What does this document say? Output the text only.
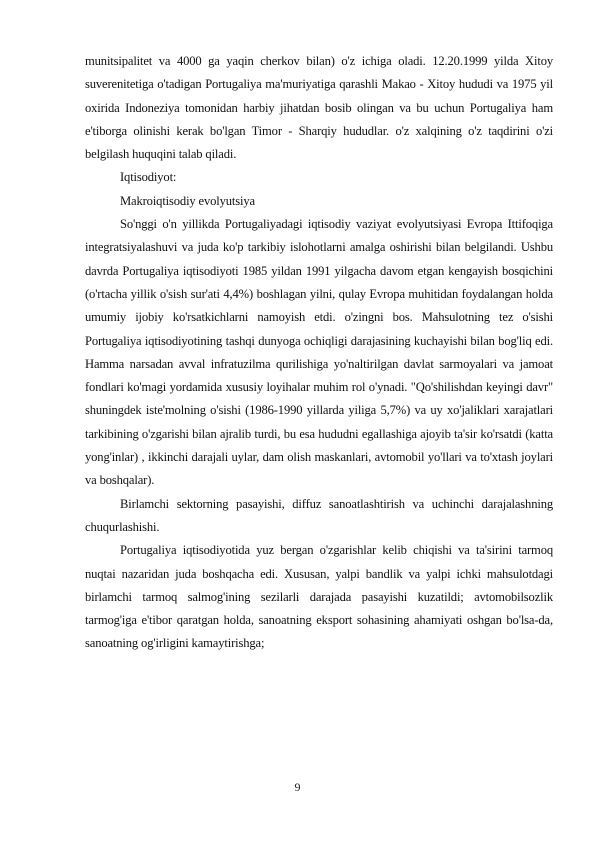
munitsipalitet va 4000 ga yaqin cherkov bilan) o'z ichiga oladi. 12.20.1999 yilda Xitoy suverenitetiga o'tadigan Portugaliya ma'muriyatiga qarashli Makao - Xitoy hududi va 1975 yil oxirida Indoneziya tomonidan harbiy jihatdan bosib olingan va bu uchun Portugaliya ham e'tiborga olinishi kerak bo'lgan Timor - Sharqiy hududlar. o'z xalqining o'z taqdirini o'zi belgilash huquqini talab qiladi.

Iqtisodiyot:

Makroiqtisodiy evolyutsiya

So'nggi o'n yillikda Portugaliyadagi iqtisodiy vaziyat evolyutsiyasi Evropa Ittifoqiga integratsiyalashuvi va juda ko'p tarkibiy islohotlarni amalga oshirishi bilan belgilandi. Ushbu davrda Portugaliya iqtisodiyoti 1985 yildan 1991 yilgacha davom etgan kengayish bosqichini (o'rtacha yillik o'sish sur'ati 4,4%) boshlagan yilni, qulay Evropa muhitidan foydalangan holda umumiy ijobiy ko'rsatkichlarni namoyish etdi. o'zingni bos. Mahsulotning tez o'sishi Portugaliya iqtisodiyotining tashqi dunyoga ochiqligi darajasining kuchayishi bilan bog'liq edi. Hamma narsadan avval infratuzilma qurilishiga yo'naltirilgan davlat sarmoyalari va jamoat fondlari ko'magi yordamida xususiy loyihalar muhim rol o'ynadi. "Qo'shilishdan keyingi davr" shuningdek iste'molning o'sishi (1986-1990 yillarda yiliga 5,7%) va uy xo'jaliklari xarajatlari tarkibining o'zgarishi bilan ajralib turdi, bu esa hududni egallashiga ajoyib ta'sir ko'rsatdi (katta yong'inlar) , ikkinchi darajali uylar, dam olish maskanlari, avtomobil yo'llari va to'xtash joylari va boshqalar).

Birlamchi sektorning pasayishi, diffuz sanoatlashtirish va uchinchi darajalashning chuqurlashishi.

Portugaliya iqtisodiyotida yuz bergan o'zgarishlar kelib chiqishi va ta'sirini tarmoq nuqtai nazaridan juda boshqacha edi. Xususan, yalpi bandlik va yalpi ichki mahsulotdagi birlamchi tarmoq salmog'ining sezilarli darajada pasayishi kuzatildi; avtomobilsozlik tarmog'iga e'tibor qaratgan holda, sanoatning eksport sohasining ahamiyati oshgan bo'lsa-da, sanoatning og'irligini kamaytirishga;

9
